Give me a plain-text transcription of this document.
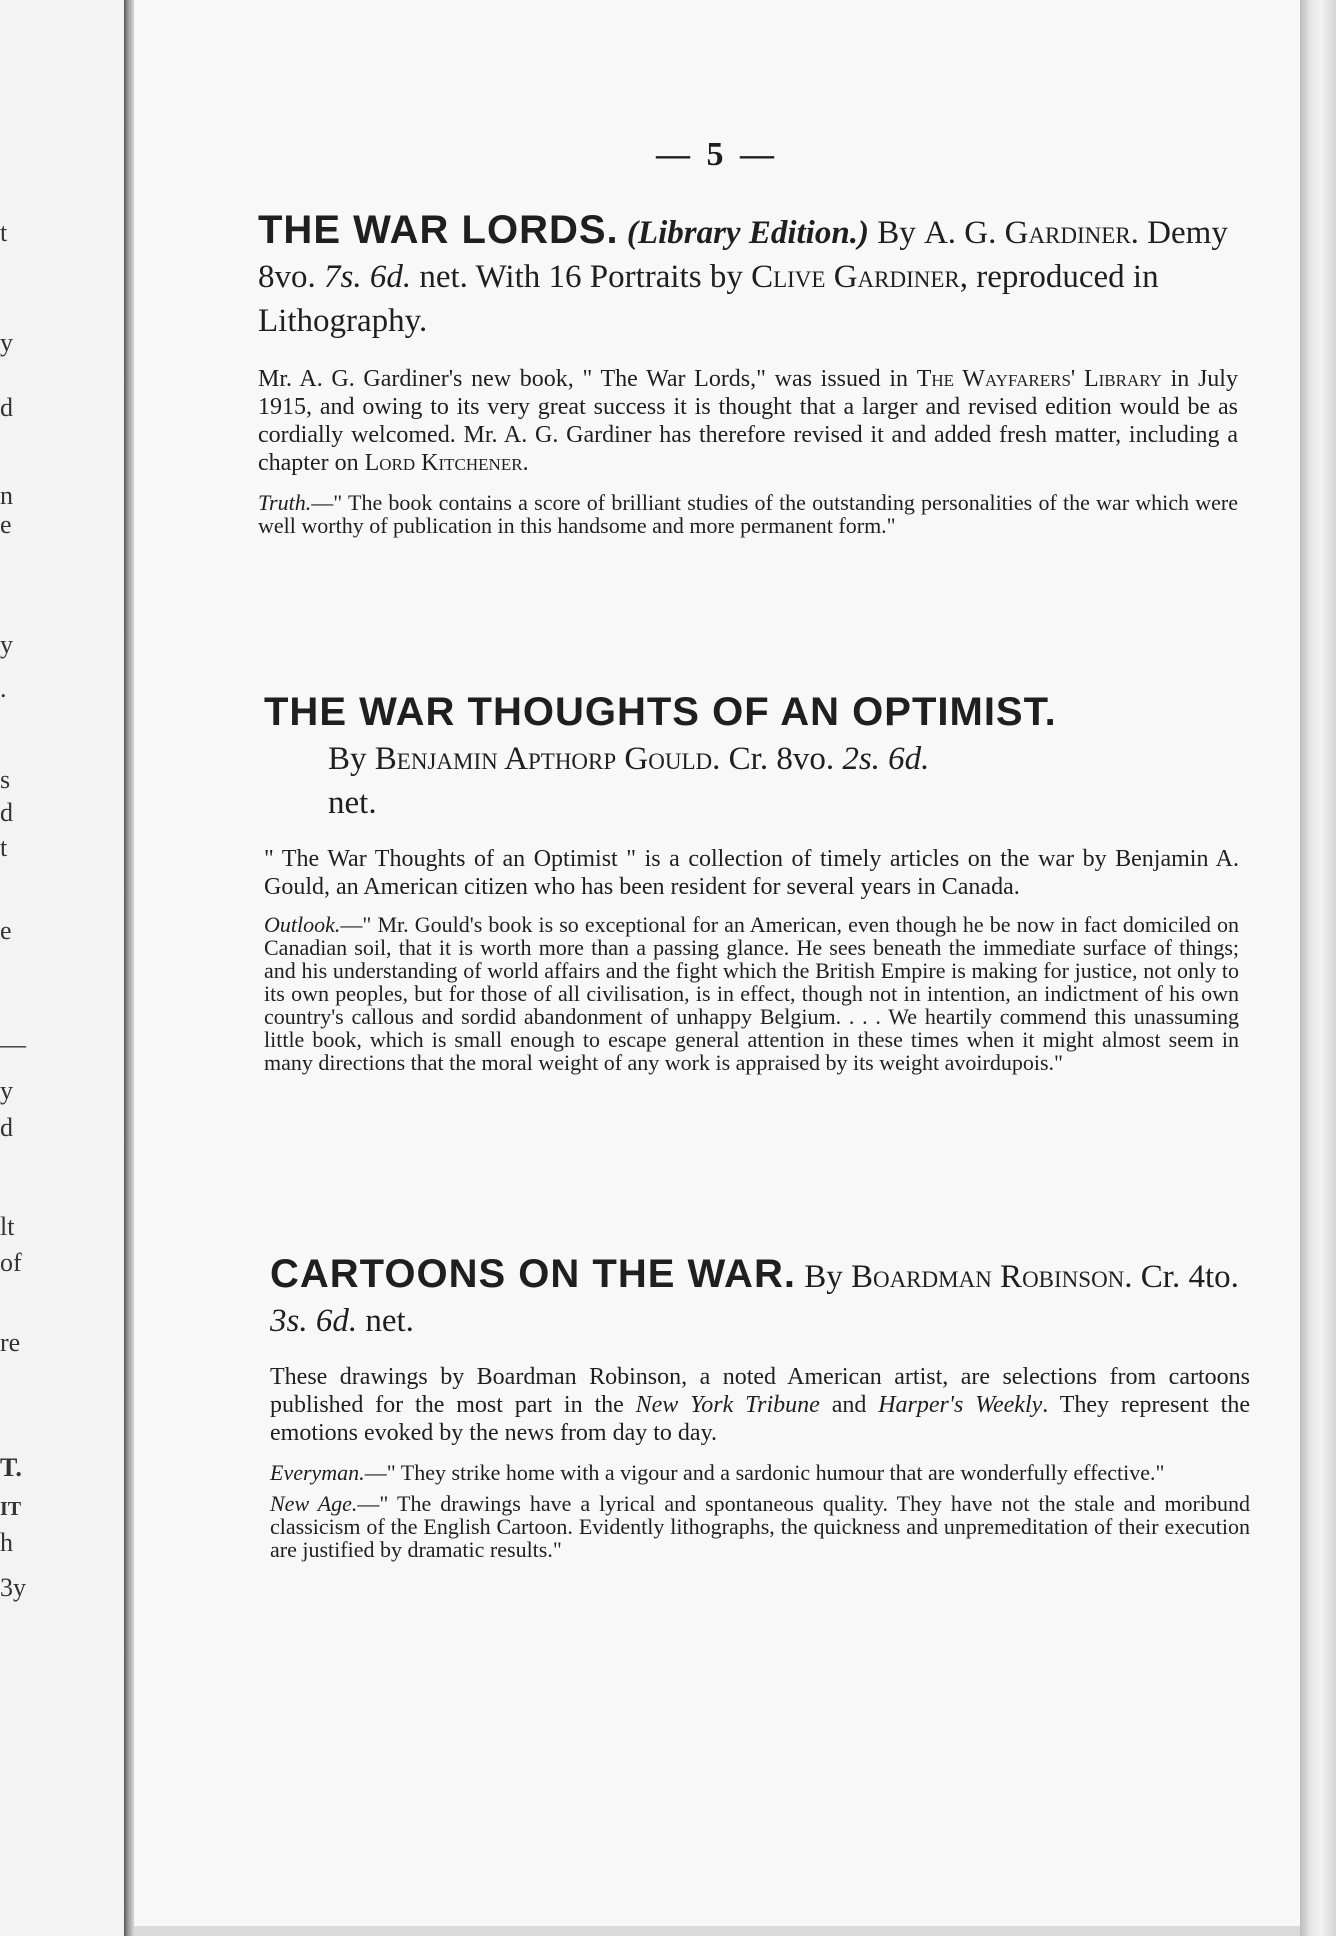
t
y
d
n
e
y
.
s
d
t
e
—
y
d
lt
of
re
T.
IT
h
3y
— 5 —

THE WAR LORDS. (Library Edition.) By A. G. Gardiner. Demy 8vo. 7s. 6d. net. With 16 Portraits by Clive Gardiner, reproduced in Lithography.

Mr. A. G. Gardiner's new book, " The War Lords," was issued in The Wayfarers' Library in July 1915, and owing to its very great success it is thought that a larger and revised edition would be as cordially welcomed. Mr. A. G. Gardiner has therefore revised it and added fresh matter, including a chapter on Lord Kitchener.

Truth.—" The book contains a score of brilliant studies of the outstanding personalities of the war which were well worthy of publication in this handsome and more permanent form."

THE WAR THOUGHTS OF AN OPTIMIST.
By Benjamin Apthorp Gould. Cr. 8vo. 2s. 6d.
net.

" The War Thoughts of an Optimist " is a collection of timely articles on the war by Benjamin A. Gould, an American citizen who has been resident for several years in Canada.

Outlook.—" Mr. Gould's book is so exceptional for an American, even though he be now in fact domiciled on Canadian soil, that it is worth more than a passing glance. He sees beneath the immediate surface of things; and his understanding of world affairs and the fight which the British Empire is making for justice, not only to its own peoples, but for those of all civilisation, is in effect, though not in intention, an indictment of his own country's callous and sordid abandonment of unhappy Belgium. . . . We heartily commend this unassuming little book, which is small enough to escape general attention in these times when it might almost seem in many directions that the moral weight of any work is appraised by its weight avoirdupois."

CARTOONS ON THE WAR. By Boardman Robinson. Cr. 4to. 3s. 6d. net.

These drawings by Boardman Robinson, a noted American artist, are selections from cartoons published for the most part in the New York Tribune and Harper's Weekly. They represent the emotions evoked by the news from day to day.

Everyman.—" They strike home with a vigour and a sardonic humour that are wonderfully effective."

New Age.—" The drawings have a lyrical and spontaneous quality. They have not the stale and moribund classicism of the English Cartoon. Evidently lithographs, the quickness and unpremeditation of their execution are justified by dramatic results."
